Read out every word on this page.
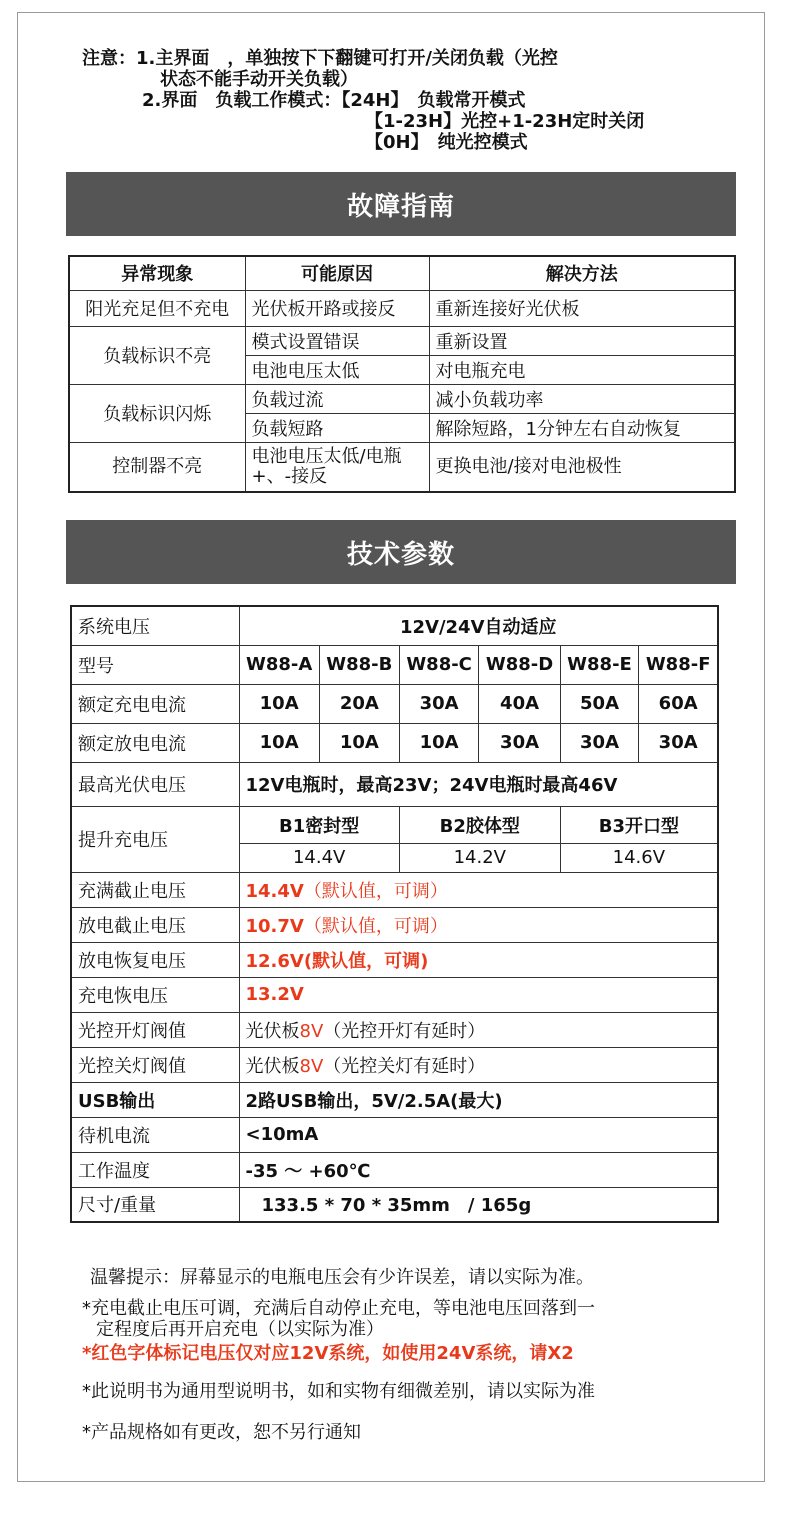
注意：1.主界面　，单独按下下翻键可打开/关闭负载（光控
状态不能手动开关负载）
2.界面　负载工作模式：【24H】　负载常开模式
【1-23H】光控+1-23H定时关闭
【0H】　纯光控模式
故障指南
异常现象	可能原因	解决方法
阳光充足但不充电	光伏板开路或接反	重新连接好光伏板
负载标识不亮	模式设置错误	重新设置
	电池电压太低	对电瓶充电
负载标识闪烁	负载过流	减小负载功率
	负载短路	解除短路，1分钟左右自动恢复
控制器不亮	电池电压太低/电瓶
+、-接反	更换电池/接对电池极性
技术参数
系统电压	12V/24V自动适应					
型号	W88-A	W88-B	W88-C	W88-D	W88-E	W88-F
额定充电电流	10A	20A	30A	40A	50A	60A
额定放电电流	10A	10A	10A	30A	30A	30A
最高光伏电压	12V电瓶时，最高23V；24V电瓶时最高46V					
提升充电压	B1密封型		B2胶体型		B3开口型	
	14.4V		14.2V		14.6V	
充满截止电压	14.4V（默认值，可调）					
放电截止电压	10.7V（默认值，可调）					
放电恢复电压	12.6V(默认值，可调)					
充电恢电压	13.2V					
光控开灯阀值	光伏板8V（光控开灯有延时）					
光控关灯阀值	光伏板8V（光控关灯有延时）					
USB输出	2路USB输出，5V/2.5A(最大)					
待机电流	<10mA					
工作温度	-35 ～ +60℃					
尺寸/重量	133.5 * 70 * 35mm　/ 165g					
温馨提示：屏幕显示的电瓶电压会有少许误差，请以实际为准。
*充电截止电压可调，充满后自动停止充电，等电池电压回落到一
定程度后再开启充电（以实际为准）
*红色字体标记电压仅对应12V系统，如使用24V系统，请X2
*此说明书为通用型说明书，如和实物有细微差别，请以实际为准
*产品规格如有更改，恕不另行通知
